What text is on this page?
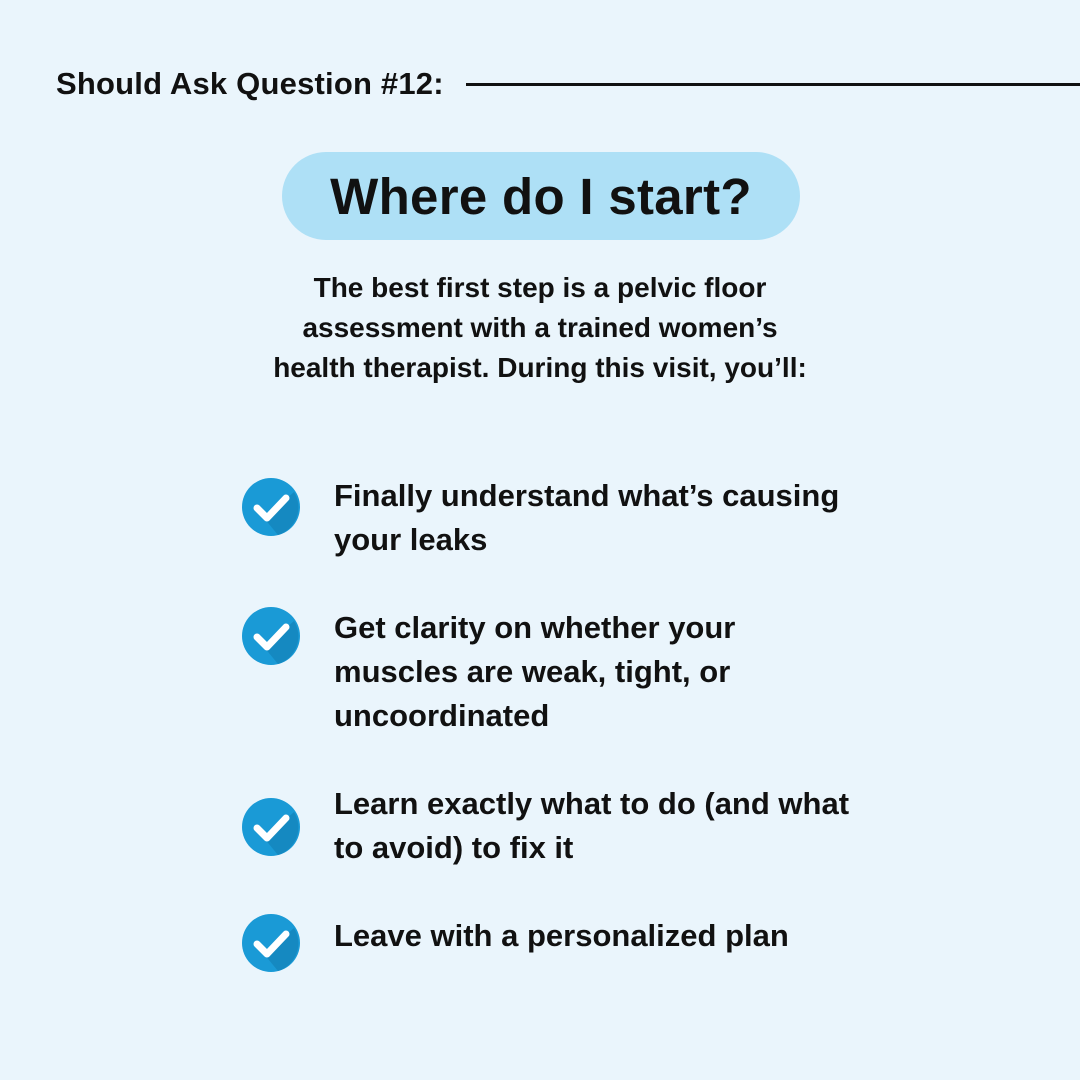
Should Ask Question #12:
Where do I start?
The best first step is a pelvic floor
assessment with a trained women’s
health therapist. During this visit, you’ll:
Finally understand what’s causing
your leaks
Get clarity on whether your
muscles are weak, tight, or
uncoordinated
Learn exactly what to do (and what
to avoid) to fix it
Leave with a personalized plan
